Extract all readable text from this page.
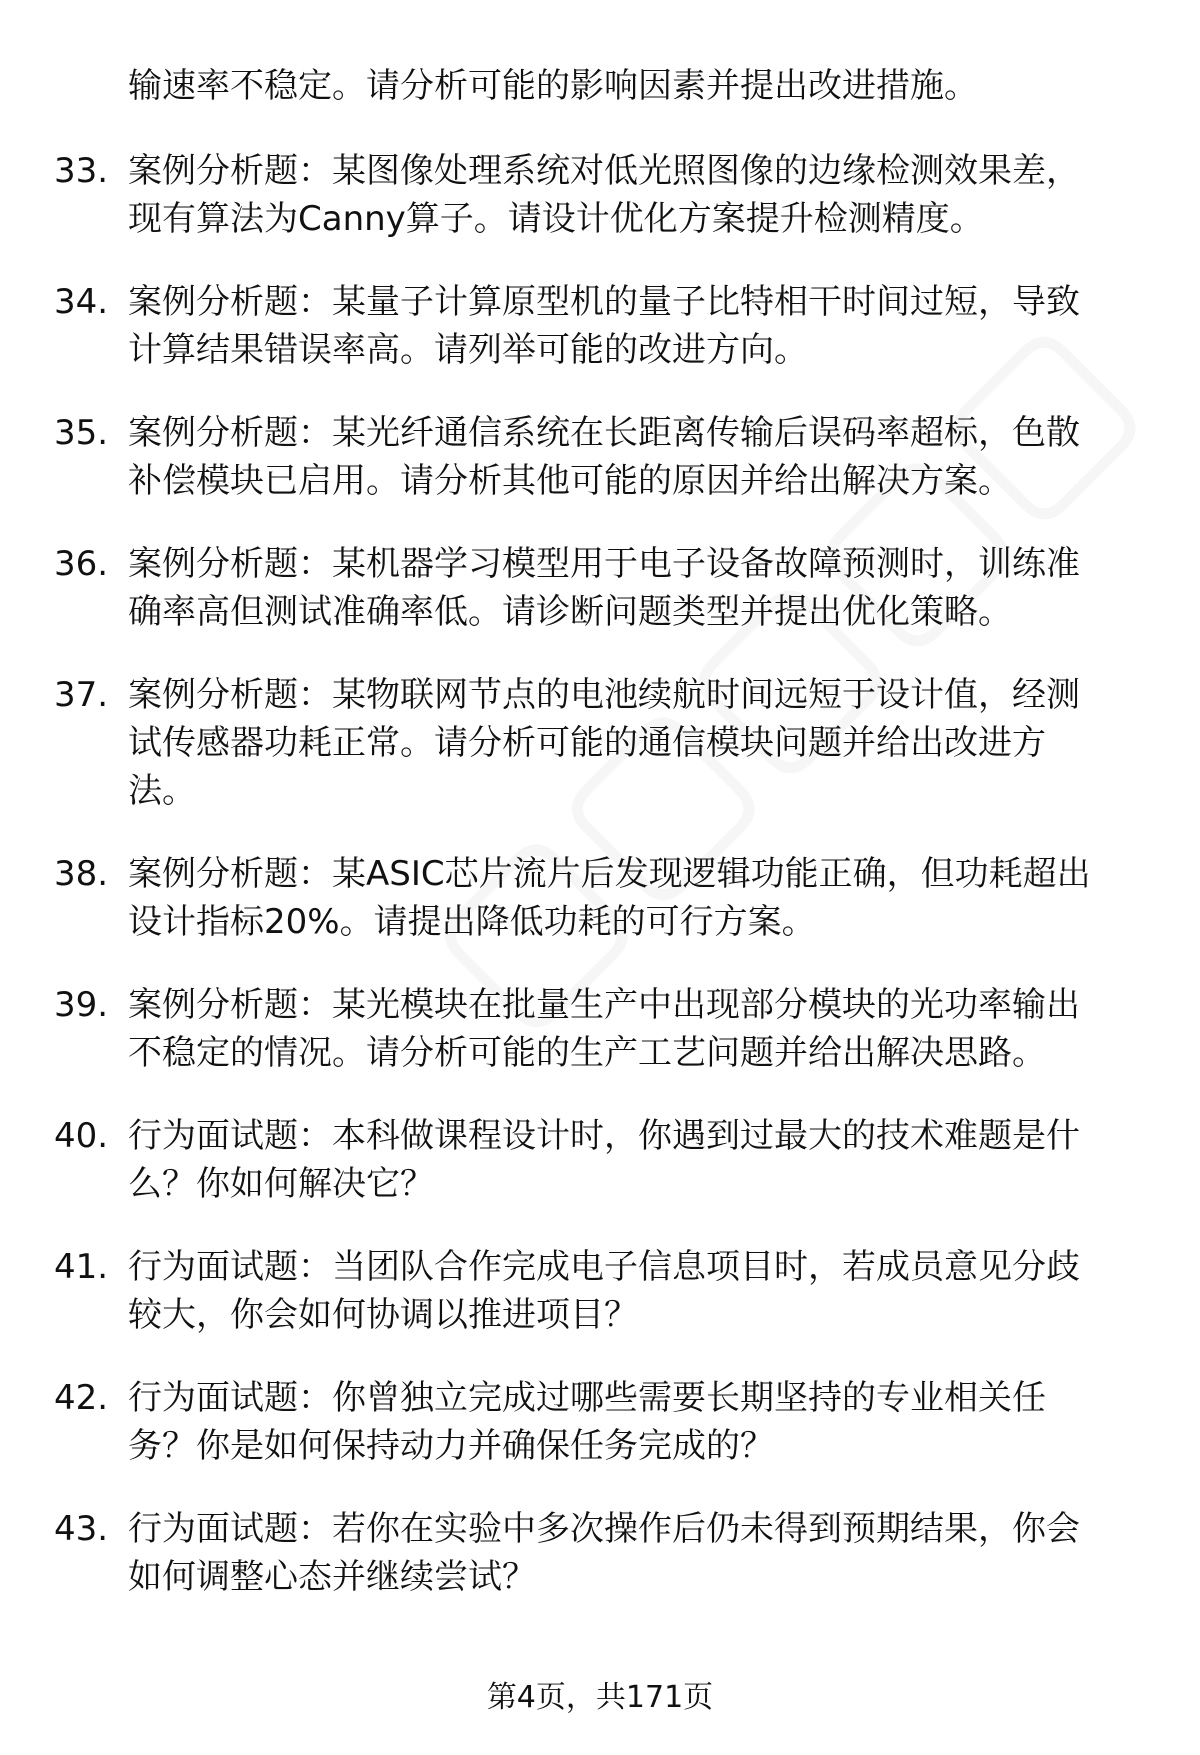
输速率不稳定。请分析可能的影响因素并提出改进措施。
33. 案例分析题：某图像处理系统对低光照图像的边缘检测效果差，
现有算法为Canny算子。请设计优化方案提升检测精度。
34. 案例分析题：某量子计算原型机的量子比特相干时间过短，导致
计算结果错误率高。请列举可能的改进方向。
35. 案例分析题：某光纤通信系统在长距离传输后误码率超标，色散
补偿模块已启用。请分析其他可能的原因并给出解决方案。
36. 案例分析题：某机器学习模型用于电子设备故障预测时，训练准
确率高但测试准确率低。请诊断问题类型并提出优化策略。
37. 案例分析题：某物联网节点的电池续航时间远短于设计值，经测
试传感器功耗正常。请分析可能的通信模块问题并给出改进方
法。
38. 案例分析题：某ASIC芯片流片后发现逻辑功能正确，但功耗超出
设计指标20%。请提出降低功耗的可行方案。
39. 案例分析题：某光模块在批量生产中出现部分模块的光功率输出
不稳定的情况。请分析可能的生产工艺问题并给出解决思路。
40. 行为面试题：本科做课程设计时，你遇到过最大的技术难题是什
么？你如何解决它？
41. 行为面试题：当团队合作完成电子信息项目时，若成员意见分歧
较大，你会如何协调以推进项目？
42. 行为面试题：你曾独立完成过哪些需要长期坚持的专业相关任
务？你是如何保持动力并确保任务完成的？
43. 行为面试题：若你在实验中多次操作后仍未得到预期结果，你会
如何调整心态并继续尝试？
第4页，共171页
